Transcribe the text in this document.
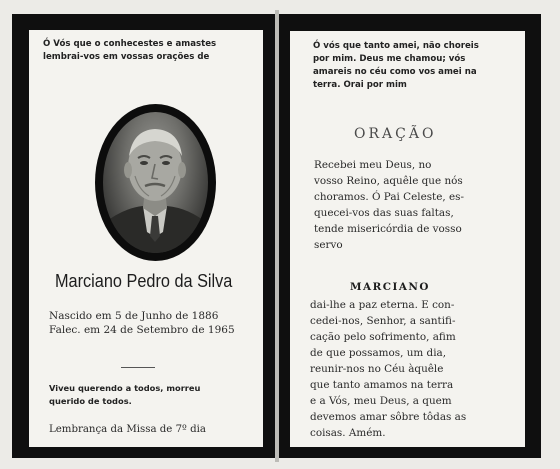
Ó Vós que o conhecestes e amastes
lembrai-vos em vossas orações de
Marciano Pedro da Silva
Nascido em 5 de Junho de 1886
Falec. em 24 de Setembro de 1965
Viveu querendo a todos, morreu
querido de todos.
Lembrança da Missa de 7º dia
Ó vós que tanto amei, não choreis
por mim. Deus me chamou; vós
amareis no céu como vos amei na
terra. Orai por mim
ORAÇÃO
Recebei meu Deus, no
vosso Reino, aquêle que nós
choramos. Ó Pai Celeste, es-
quecei-vos das suas faltas,
tende misericórdia de vosso
servo
MARCIANO
dai-lhe a paz eterna. E con-
cedei-nos, Senhor, a santifi-
cação pelo sofrimento, afim
de que possamos, um dia,
reunir-nos no Céu àquêle
que tanto amamos na terra
e a Vós, meu Deus, a quem
devemos amar sôbre tôdas as
coisas. Amém.
